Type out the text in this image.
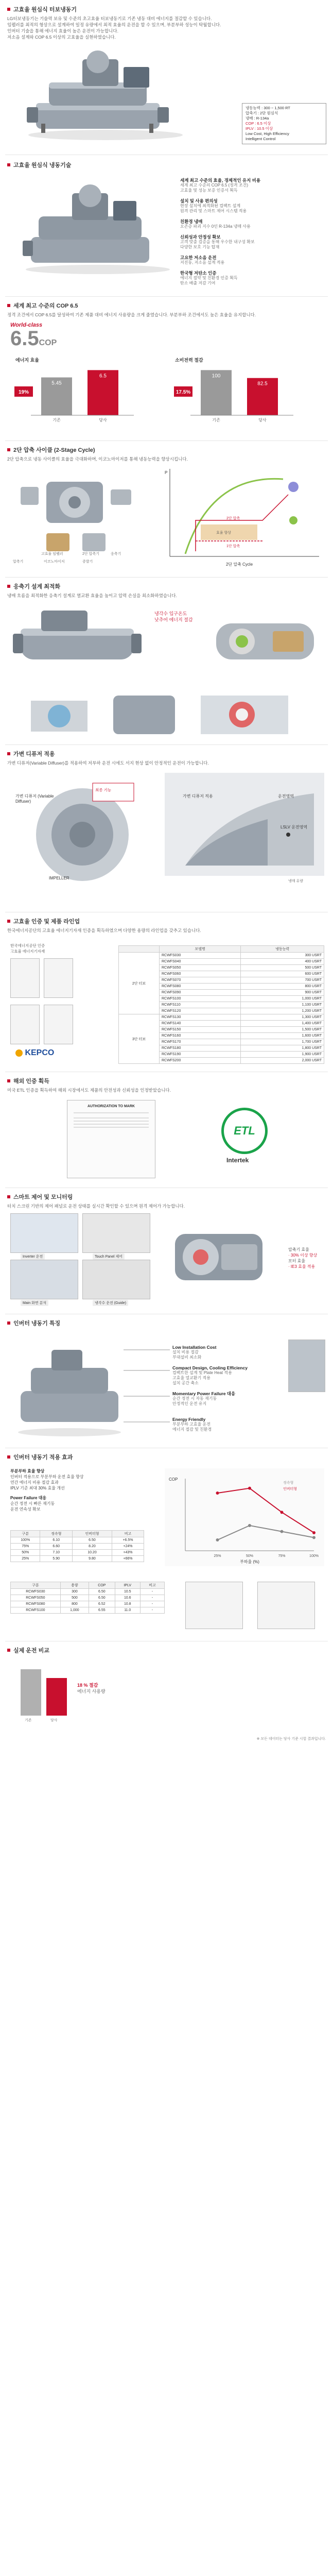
고효율 원심식 터보냉동기
LG터보냉동기는 기술력 보유 및 수준의 초고효율 터보냉동기로 기존 냉동 대비 에너지를 절감할 수 있습니다.
임펠러를 최적의 형상으로 설계하여 일정 유량에서 최적 효율의 운전을 할 수 있으며, 부분부하 성능이 탁월합니다.
인버터 기술을 통해 에너지 효율이 높은 운전이 가능합니다.
저소음 설계와 COP 6.5 이상의 고효율을 실현하였습니다.
냉동능력 : 300 ~ 1,500 RT
압축기 : 2단 원심식
냉매 : R-134a
COP : 6.5 이상
IPLV : 10.5 이상
Low Cost, High Efficiency
Intelligent Control
고효율 원심식 냉동기술
세계 최고 수준의 효율, 경제적인 유지 비용
세계 최고 수준의 COP 6.5 (정격 조건)
고효율 및 성능 보증 인증서 획득
설치 및 사용 편의성
현장 설치에 최적화된 컴팩트 설계
원격 관리 및 스마트 제어 시스템 적용
친환경 냉매
오존층 파괴 지수 0인 R-134a 냉매 사용
신뢰성과 안정성 확보
고객 맞춤 검증을 통해 우수한 내구성 확보
다양한 보호 기능 탑재
고요한 저소음 운전
저진동, 저소음 설계 적용
한국형 저탄소 인증
에너지 절약 및 친환경 인증 획득
탄소 배출 저감 기여
세계 최고 수준의 COP 6.5
정격 조건에서 COP 6.5를 달성하여 기존 제품 대비 에너지 사용량을 크게 줄였습니다. 부분부하 조건에서도 높은 효율을 유지합니다.
World-class
6.5COP
에너지 효율
5.45
기존
6.5
당사
19%
소비전력 절감
100
기존
82.5
당사
17.5%
2단 압축 사이클 (2-Stage Cycle)
2단 압축으로 냉동 사이클의 효율을 극대화하며, 이코노마이저를 통해 냉동능력을 향상시킵니다.
압축기
고효율 임펠러	2단 압축기
이코노마이저	증발기
응축기
2단 압축 Cycle
P
2단 압축
1단 압축
효율 향상
응축기 설계 최적화
냉매 흐름을 최적화한 응축기 설계로 열교환 효율을 높이고 압력 손실을 최소화하였습니다.
냉각수 입구온도
낮추어 에너지 절감
가변 디퓨저 적용
가변 디퓨저(Variable Diffuser)를 적용하여 저부하 운전 시에도 서지 현상 없이 안정적인 운전이 가능합니다.
가변 디퓨저 (Variable Diffuser)
IMPELLER
최종 기능
가변 디퓨저 적용	운전영역
LSLV 운전영역
냉매 유량
고효율 인증 및 제품 라인업
한국에너지공단의 고효율 에너지기자재 인증을 획득하였으며 다양한 용량의 라인업을 갖추고 있습니다.
한국에너지공단 인증
고효율 에너지기자재
KEPCO
	모델명	냉동능력
2단 터보	RCWFS030	300 USRT
	RCWFS040	400 USRT
	RCWFS050	500 USRT
	RCWFS060	600 USRT
	RCWFS070	700 USRT
	RCWFS080	800 USRT
	RCWFS090	900 USRT
	RCWFS100	1,000 USRT
	RCWFS110	1,100 USRT
	RCWFS120	1,200 USRT
3단 터보	RCWFS130	1,300 USRT
	RCWFS140	1,400 USRT
	RCWFS150	1,500 USRT
	RCWFS160	1,600 USRT
	RCWFS170	1,700 USRT
	RCWFS180	1,800 USRT
	RCWFS190	1,900 USRT
	RCWFS200	2,000 USRT
해외 인증 획득
미국 ETL 인증을 획득하여 해외 시장에서도 제품의 안전성과 신뢰성을 인정받았습니다.
AUTHORIZATION TO MARK
ETL
Intertek
스마트 제어 및 모니터링
터치 스크린 기반의 제어 패널로 운전 상태를 실시간 확인할 수 있으며 원격 제어가 가능합니다.
Inverter 운전	Touch Panel 제어
Main 화면 분석	냉각수 운전 (Guide)
압축기 효율
· 30% 이상 향상
모터 효율
· IE3 효율 적용
인버터 냉동기 특징
Low Installation Cost
설치 비용 절감
부대설비 최소화
Compact Design, Cooling Efficiency
컴팩트한 설계 및 Plate Heat 적용
고효율 열교환기 적용
설치 공간 축소
Momentary Power Failure 대응
순간 정전 시 자동 재기동
안정적인 운전 유지
Energy Friendly
부분부하 고효율 운전
에너지 절감 및 친환경
인버터 냉동기 적용 효과
부분부하 효율 향상
인버터 적용으로 부분부하 운전 효율 향상
연간 에너지 비용 절감 효과
IPLV 기준 최대 30% 효율 개선
Power Failure 대응
순간 정전 시 빠른 재기동
운전 연속성 확보
구분	정속형	인버터형	비고
100%	6.10	6.50	+6.5%
75%	6.60	8.20	+24%
50%	7.10	10.20	+43%
25%	5.90	9.80	+66%
100%
75%
50%
25%
부하율 (%)
COP
정속형
인버터형
구분	용량	COP	IPLV	비고
RCWFS030	300	6.50	10.5	-
RCWFS050	500	6.50	10.6	-
RCWFS080	800	6.52	10.8	-
RCWFS100	1,000	6.55	11.0	-
실제 운전 비교
기존	당사
18 % 절감
에너지 사용량
※ 모든 데이터는 당사 기준 시험 결과입니다.
